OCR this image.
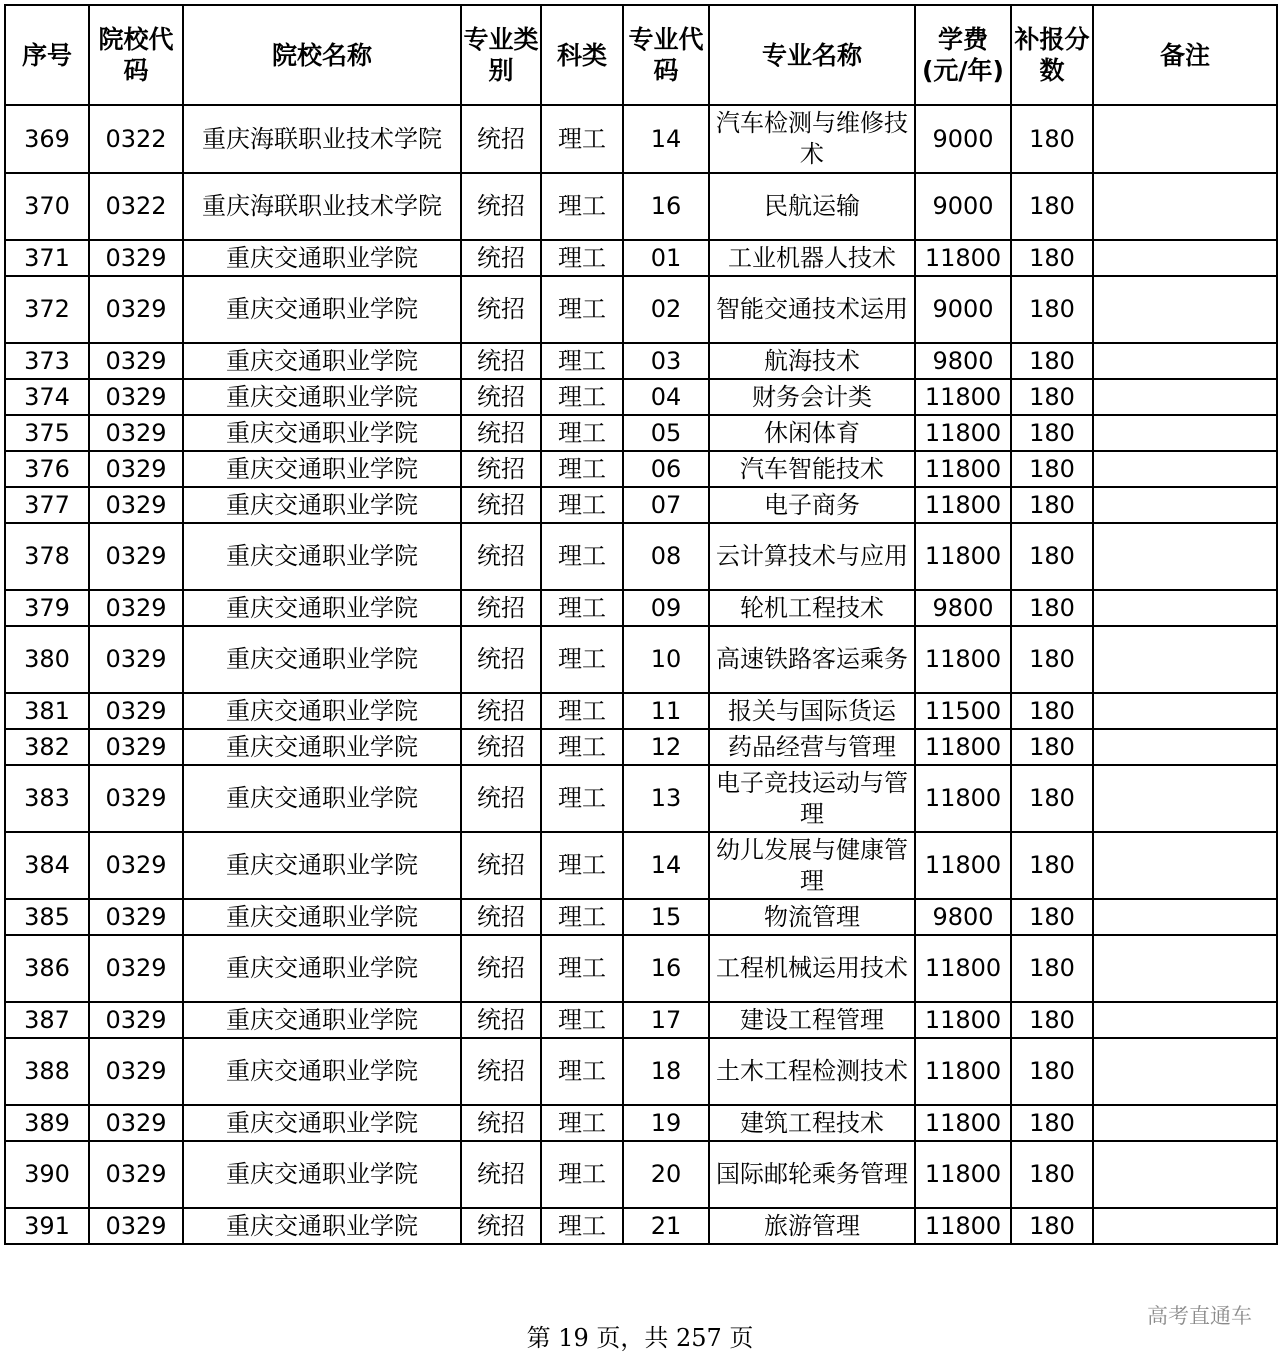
序号	院校代码	院校名称	专业类别	科类	专业代码	专业名称	学费(元/年)	补报分数	备注
369	0322	重庆海联职业技术学院	统招	理工	14	汽车检测与维修技术	9000	180	
370	0322	重庆海联职业技术学院	统招	理工	16	民航运输	9000	180	
371	0329	重庆交通职业学院	统招	理工	01	工业机器人技术	11800	180	
372	0329	重庆交通职业学院	统招	理工	02	智能交通技术运用	9000	180	
373	0329	重庆交通职业学院	统招	理工	03	航海技术	9800	180	
374	0329	重庆交通职业学院	统招	理工	04	财务会计类	11800	180	
375	0329	重庆交通职业学院	统招	理工	05	休闲体育	11800	180	
376	0329	重庆交通职业学院	统招	理工	06	汽车智能技术	11800	180	
377	0329	重庆交通职业学院	统招	理工	07	电子商务	11800	180	
378	0329	重庆交通职业学院	统招	理工	08	云计算技术与应用	11800	180	
379	0329	重庆交通职业学院	统招	理工	09	轮机工程技术	9800	180	
380	0329	重庆交通职业学院	统招	理工	10	高速铁路客运乘务	11800	180	
381	0329	重庆交通职业学院	统招	理工	11	报关与国际货运	11500	180	
382	0329	重庆交通职业学院	统招	理工	12	药品经营与管理	11800	180	
383	0329	重庆交通职业学院	统招	理工	13	电子竞技运动与管理	11800	180	
384	0329	重庆交通职业学院	统招	理工	14	幼儿发展与健康管理	11800	180	
385	0329	重庆交通职业学院	统招	理工	15	物流管理	9800	180	
386	0329	重庆交通职业学院	统招	理工	16	工程机械运用技术	11800	180	
387	0329	重庆交通职业学院	统招	理工	17	建设工程管理	11800	180	
388	0329	重庆交通职业学院	统招	理工	18	土木工程检测技术	11800	180	
389	0329	重庆交通职业学院	统招	理工	19	建筑工程技术	11800	180	
390	0329	重庆交通职业学院	统招	理工	20	国际邮轮乘务管理	11800	180	
391	0329	重庆交通职业学院	统招	理工	21	旅游管理	11800	180	
第 19 页，共 257 页
高考直通车
